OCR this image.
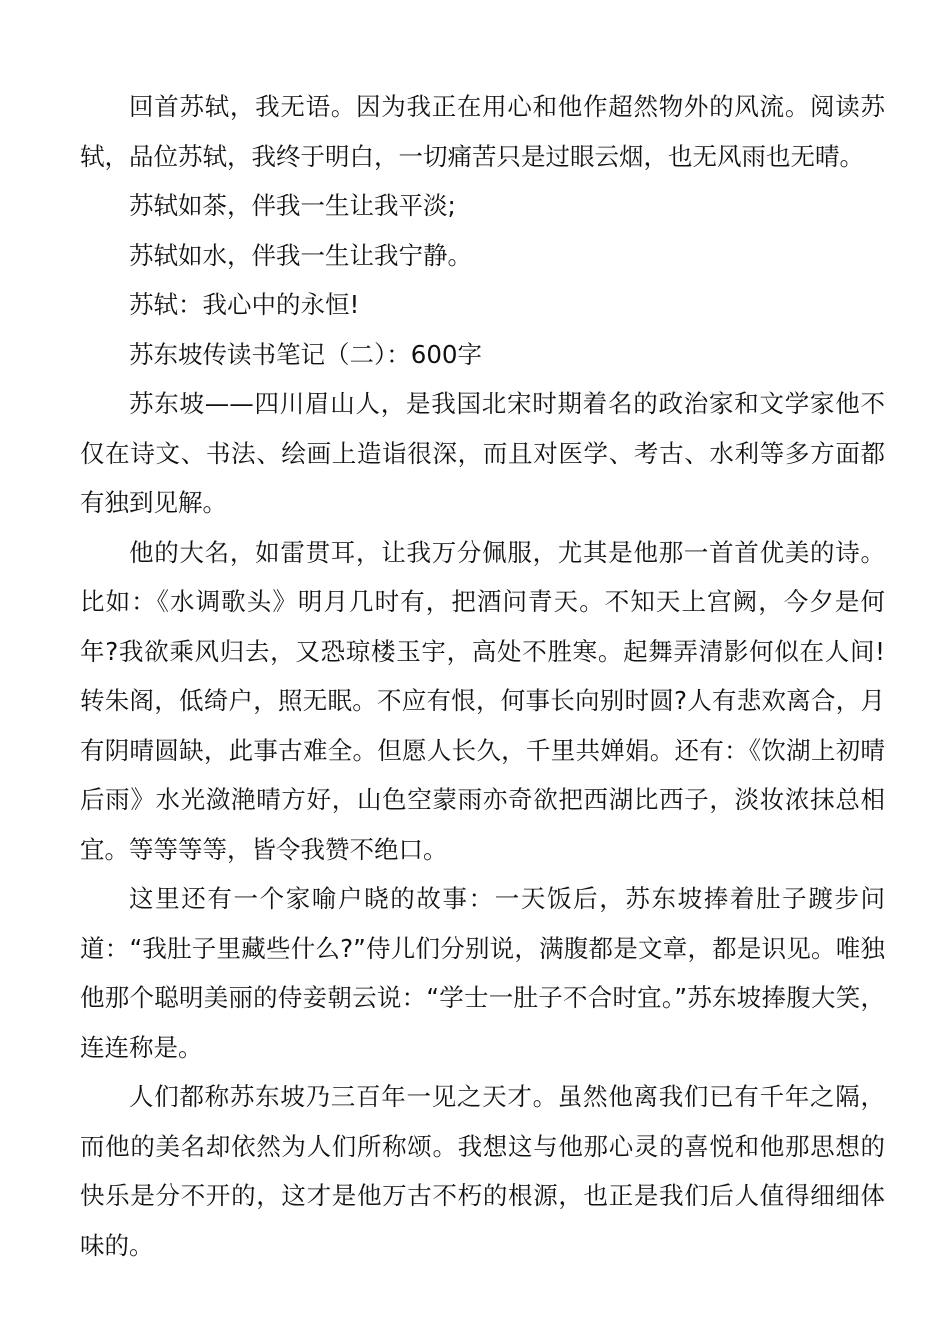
回首苏轼，我无语。因为我正在用心和他作超然物外的风流。阅读苏轼，品位苏轼，我终于明白，一切痛苦只是过眼云烟，也无风雨也无晴。

苏轼如茶，伴我一生让我平淡;

苏轼如水，伴我一生让我宁静。

苏轼：我心中的永恒!

苏东坡传读书笔记（二）：600字

苏东坡——四川眉山人，是我国北宋时期着名的政治家和文学家他不仅在诗文、书法、绘画上造诣很深，而且对医学、考古、水利等多方面都有独到见解。

他的大名，如雷贯耳，让我万分佩服，尤其是他那一首首优美的诗。比如：《水调歌头》明月几时有，把酒问青天。不知天上宫阙，今夕是何年?我欲乘风归去，又恐琼楼玉宇，高处不胜寒。起舞弄清影何似在人间!转朱阁，低绮户，照无眠。不应有恨，何事长向别时圆?人有悲欢离合，月有阴晴圆缺，此事古难全。但愿人长久，千里共婵娟。还有：《饮湖上初晴后雨》水光潋滟晴方好，山色空蒙雨亦奇欲把西湖比西子，淡妆浓抹总相宜。等等等等，皆令我赞不绝口。

这里还有一个家喻户晓的故事：一天饭后，苏东坡捧着肚子踱步问道：“我肚子里藏些什么?”侍儿们分别说，满腹都是文章，都是识见。唯独他那个聪明美丽的侍妾朝云说：“学士一肚子不合时宜。”苏东坡捧腹大笑，连连称是。

人们都称苏东坡乃三百年一见之天才。虽然他离我们已有千年之隔，而他的美名却依然为人们所称颂。我想这与他那心灵的喜悦和他那思想的快乐是分不开的，这才是他万古不朽的根源，也正是我们后人值得细细体味的。
